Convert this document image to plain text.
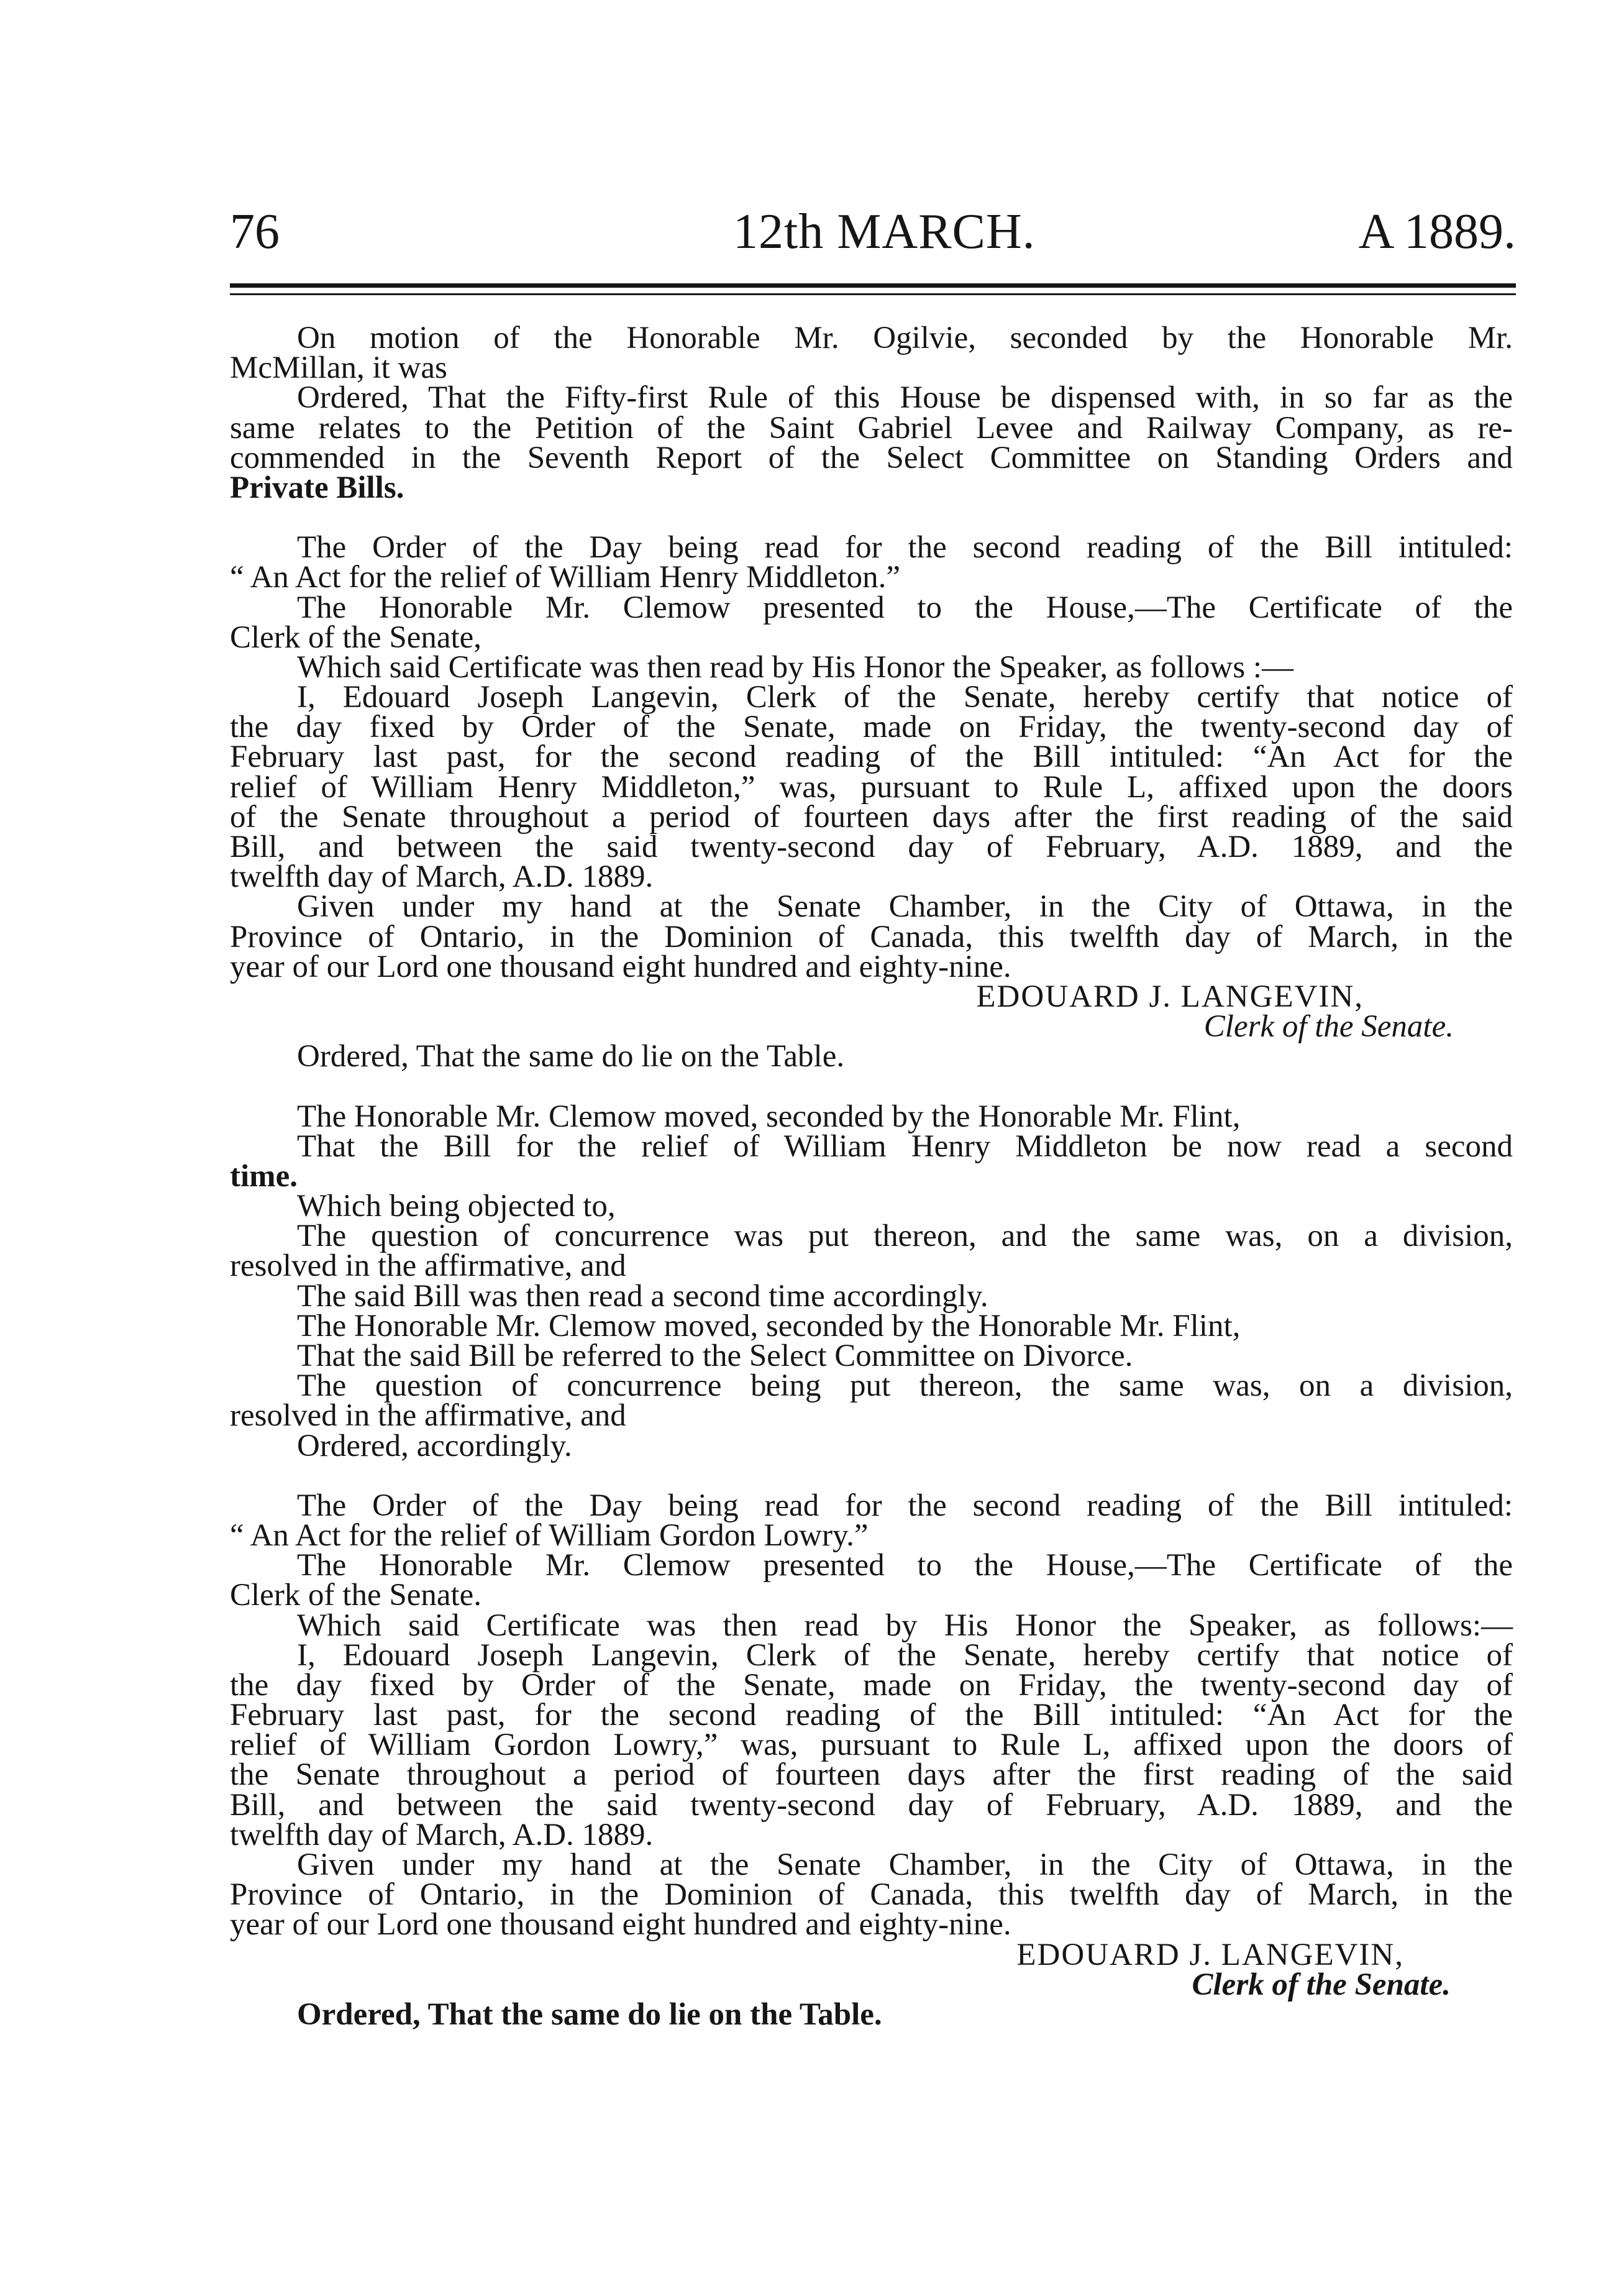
76	12th MARCH.	A 1889.
On motion of the Honorable Mr. Ogilvie, seconded by the Honorable Mr.
McMillan, it was
Ordered, That the Fifty-first Rule of this House be dispensed with, in so far as the
same relates to the Petition of the Saint Gabriel Levee and Railway Company, as re-
commended in the Seventh Report of the Select Committee on Standing Orders and
Private Bills.
The Order of the Day being read for the second reading of the Bill intituled:
“ An Act for the relief of William Henry Middleton.”
The Honorable Mr. Clemow presented to the House,—The Certificate of the
Clerk of the Senate,
Which said Certificate was then read by His Honor the Speaker, as follows :—
I, Edouard Joseph Langevin, Clerk of the Senate, hereby certify that notice of
the day fixed by Order of the Senate, made on Friday, the twenty-second day of
February last past, for the second reading of the Bill intituled: “An Act for the
relief of William Henry Middleton,” was, pursuant to Rule L, affixed upon the doors
of the Senate throughout a period of fourteen days after the first reading of the said
Bill, and between the said twenty-second day of February, A.D. 1889, and the
twelfth day of March, A.D. 1889.
Given under my hand at the Senate Chamber, in the City of Ottawa, in the
Province of Ontario, in the Dominion of Canada, this twelfth day of March, in the
year of our Lord one thousand eight hundred and eighty-nine.
EDOUARD J. LANGEVIN,
Clerk of the Senate.
Ordered, That the same do lie on the Table.
The Honorable Mr. Clemow moved, seconded by the Honorable Mr. Flint,
That the Bill for the relief of William Henry Middleton be now read a second
time.
Which being objected to,
The question of concurrence was put thereon, and the same was, on a division,
resolved in the affirmative, and
The said Bill was then read a second time accordingly.
The Honorable Mr. Clemow moved, seconded by the Honorable Mr. Flint,
That the said Bill be referred to the Select Committee on Divorce.
The question of concurrence being put thereon, the same was, on a division,
resolved in the affirmative, and
Ordered, accordingly.
The Order of the Day being read for the second reading of the Bill intituled:
“ An Act for the relief of William Gordon Lowry.”
The Honorable Mr. Clemow presented to the House,—The Certificate of the
Clerk of the Senate.
Which said Certificate was then read by His Honor the Speaker, as follows:—
I, Edouard Joseph Langevin, Clerk of the Senate, hereby certify that notice of
the day fixed by Order of the Senate, made on Friday, the twenty-second day of
February last past, for the second reading of the Bill intituled: “An Act for the
relief of William Gordon Lowry,” was, pursuant to Rule L, affixed upon the doors of
the Senate throughout a period of fourteen days after the first reading of the said
Bill, and between the said twenty-second day of February, A.D. 1889, and the
twelfth day of March, A.D. 1889.
Given under my hand at the Senate Chamber, in the City of Ottawa, in the
Province of Ontario, in the Dominion of Canada, this twelfth day of March, in the
year of our Lord one thousand eight hundred and eighty-nine.
EDOUARD J. LANGEVIN,
Clerk of the Senate.
Ordered, That the same do lie on the Table.
